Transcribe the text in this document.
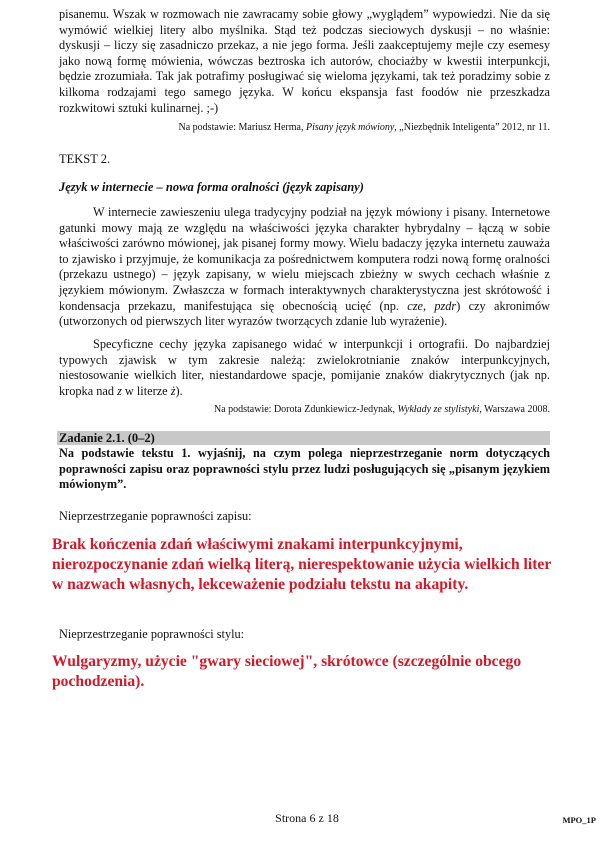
pisanemu. Wszak w rozmowach nie zawracamy sobie głowy „wyglądem” wypowiedzi. Nie da się wymówić wielkiej litery albo myślnika. Stąd też podczas sieciowych dyskusji – no właśnie: dyskusji – liczy się zasadniczo przekaz, a nie jego forma. Jeśli zaakceptujemy mejle czy esemesy jako nową formę mówienia, wówczas beztroska ich autorów, chociażby w kwestii interpunkcji, będzie zrozumiała. Tak jak potrafimy posługiwać się wieloma językami, tak też poradzimy sobie z kilkoma rodzajami tego samego języka. W końcu ekspansja fast foodów nie przeszkadza rozkwitowi sztuki kulinarnej. ;-)

Na podstawie: Mariusz Herma, Pisany język mówiony, „Niezbędnik Inteligenta” 2012, nr 11.

TEKST 2.

Język w internecie – nowa forma oralności (język zapisany)

W internecie zawieszeniu ulega tradycyjny podział na język mówiony i pisany. Internetowe gatunki mowy mają ze względu na właściwości języka charakter hybrydalny – łączą w sobie właściwości zarówno mówionej, jak pisanej formy mowy. Wielu badaczy języka internetu zauważa to zjawisko i przyjmuje, że komunikacja za pośrednictwem komputera rodzi nową formę oralności (przekazu ustnego) – język zapisany, w wielu miejscach zbieżny w swych cechach właśnie z językiem mówionym. Zwłaszcza w formach interaktywnych charakterystyczna jest skrótowość i kondensacja przekazu, manifestująca się obecnością ucięć (np. cze, pzdr) czy akronimów (utworzonych od pierwszych liter wyrazów tworzących zdanie lub wyrażenie).

Specyficzne cechy języka zapisanego widać w interpunkcji i ortografii. Do najbardziej typowych zjawisk w tym zakresie należą: zwielokrotnianie znaków interpunkcyjnych, niestosowanie wielkich liter, niestandardowe spacje, pomijanie znaków diakrytycznych (jak np. kropka nad z w literze ż).

Na podstawie: Dorota Zdunkiewicz-Jedynak, Wykłady ze stylistyki, Warszawa 2008.

Zadanie 2.1. (0–2)

Na podstawie tekstu 1. wyjaśnij, na czym polega nieprzestrzeganie norm dotyczących poprawności zapisu oraz poprawności stylu przez ludzi posługujących się „pisanym językiem mówionym”.

Nieprzestrzeganie poprawności zapisu:

Brak kończenia zdań właściwymi znakami interpunkcyjnymi, nierozpoczynanie zdań wielką literą, nierespektowanie użycia wielkich liter w nazwach własnych, lekceważenie podziału tekstu na akapity.

Nieprzestrzeganie poprawności stylu:

Wulgaryzmy, użycie "gwary sieciowej", skrótowce (szczególnie obcego pochodzenia).

Strona 6 z 18	MPO_1P
